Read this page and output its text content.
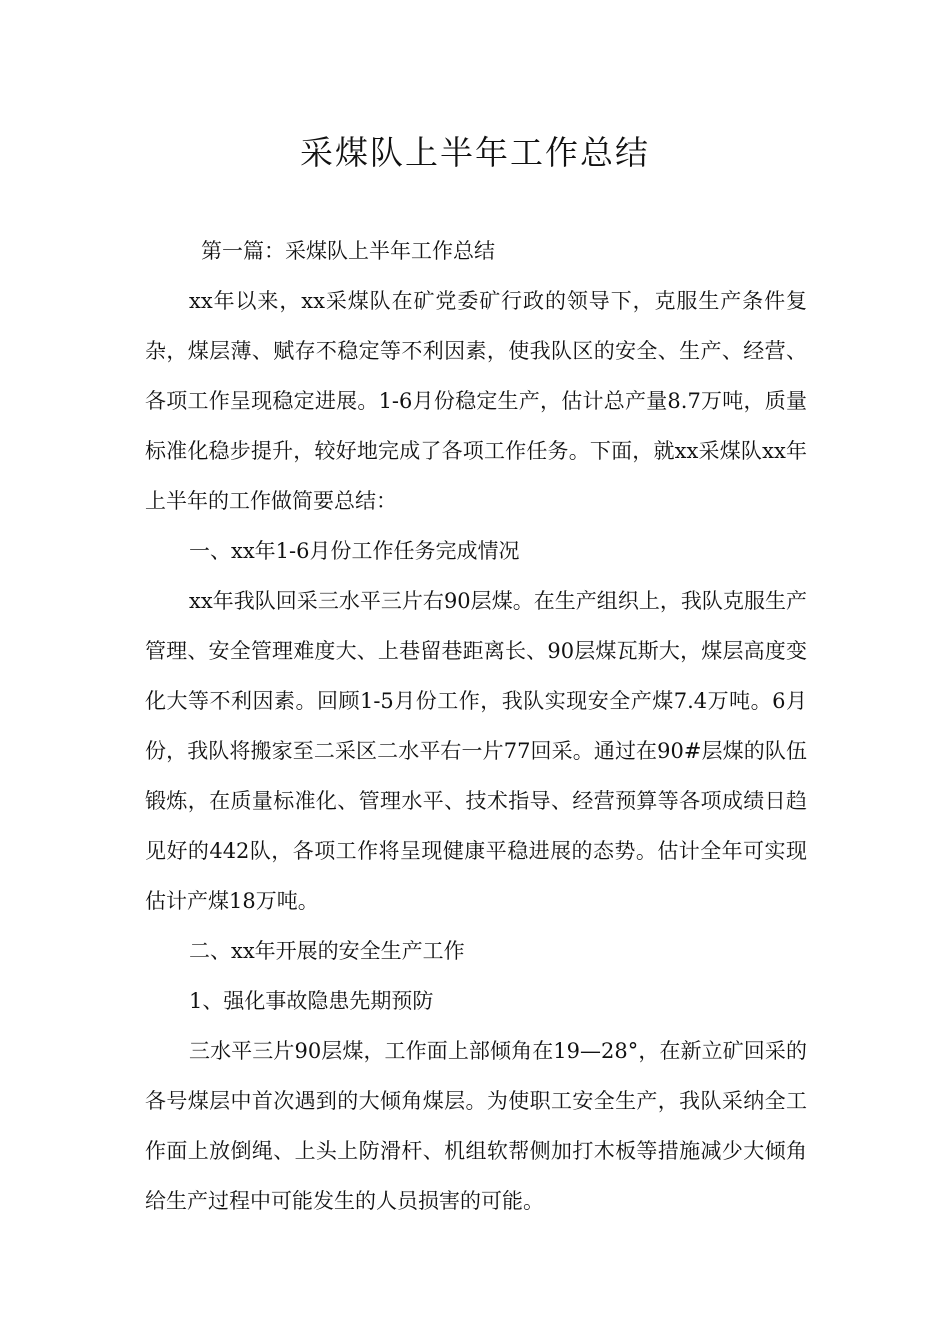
采煤队上半年工作总结

第一篇：采煤队上半年工作总结

xx年以来，xx采煤队在矿党委矿行政的领导下，克服生产条件复杂，煤层薄、赋存不稳定等不利因素，使我队区的安全、生产、经营、各项工作呈现稳定进展。1-6月份稳定生产，估计总产量8.7万吨，质量标准化稳步提升，较好地完成了各项工作任务。下面，就xx采煤队xx年上半年的工作做简要总结：

一、xx年1-6月份工作任务完成情况

xx年我队回采三水平三片右90层煤。在生产组织上，我队克服生产管理、安全管理难度大、上巷留巷距离长、90层煤瓦斯大，煤层高度变化大等不利因素。回顾1-5月份工作，我队实现安全产煤7.4万吨。6月份，我队将搬家至二采区二水平右一片77回采。通过在90#层煤的队伍锻炼，在质量标准化、管理水平、技术指导、经营预算等各项成绩日趋见好的442队，各项工作将呈现健康平稳进展的态势。估计全年可实现估计产煤18万吨。

二、xx年开展的安全生产工作

1、强化事故隐患先期预防

三水平三片90层煤，工作面上部倾角在19—28°，在新立矿回采的各号煤层中首次遇到的大倾角煤层。为使职工安全生产，我队采纳全工作面上放倒绳、上头上防滑杆、机组软帮侧加打木板等措施减少大倾角给生产过程中可能发生的人员损害的可能。
